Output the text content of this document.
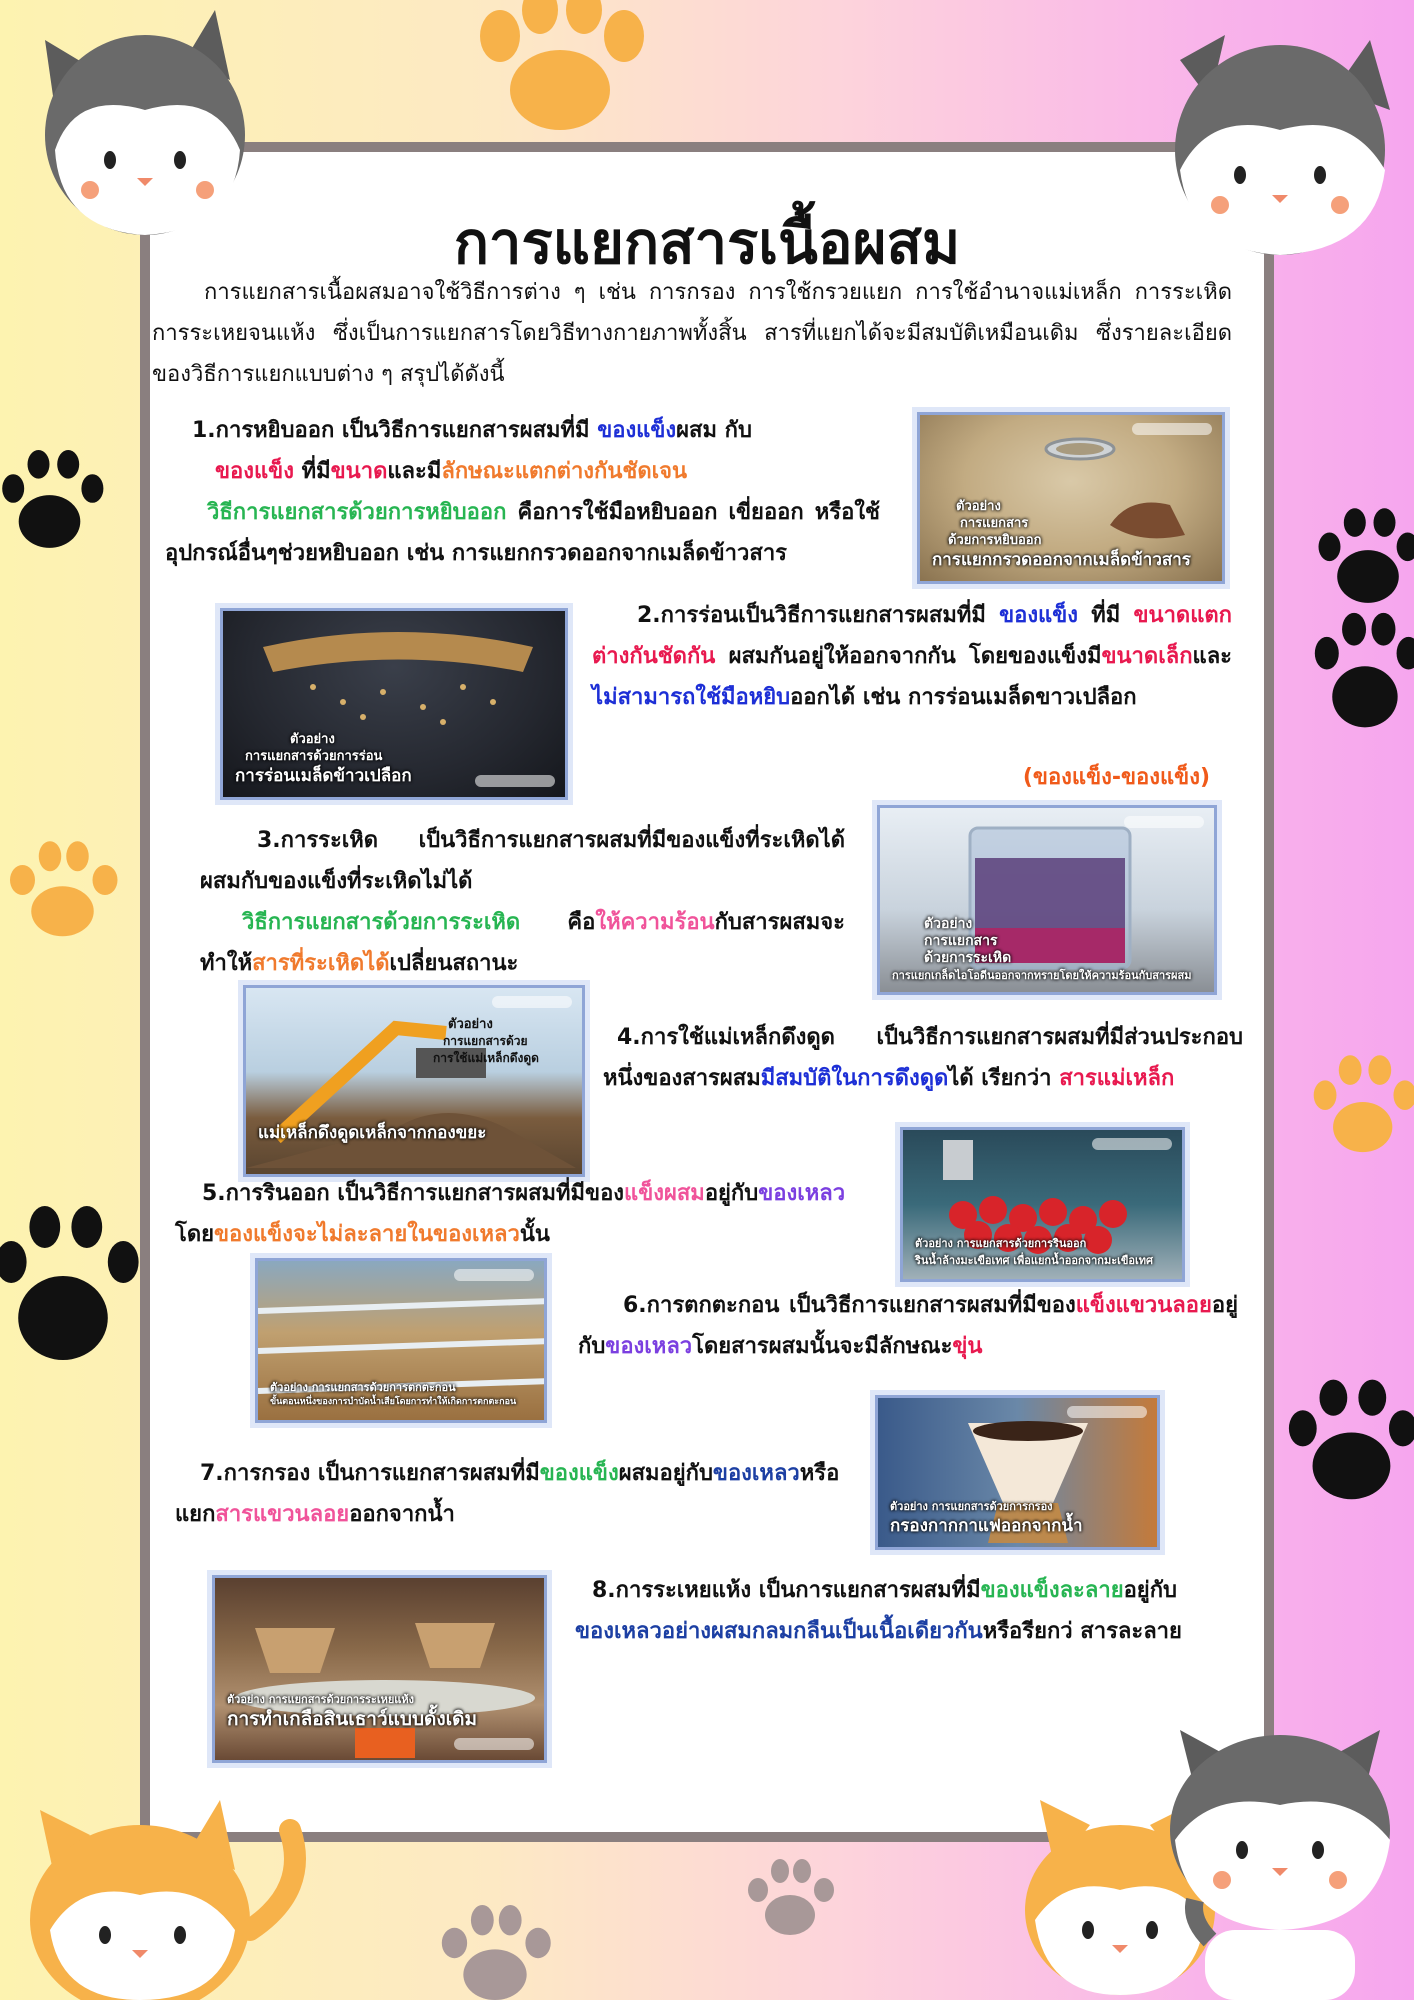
การแยกสารเนื้อผสม

การแยกสารเนื้อผสมอาจใช้วิธีการต่าง ๆ เช่น การกรอง การใช้กรวยแยก การใช้อำนาจแม่เหล็ก การระเหิด การระเหยจนแห้ง ซึ่งเป็นการแยกสารโดยวิธีทางกายภาพทั้งสิ้น สารที่แยกได้จะมีสมบัติเหมือนเดิม ซึ่งรายละเอียดของวิธีการแยกแบบต่าง ๆ สรุปได้ดังนี้

1.การหยิบออก เป็นวิธีการแยกสารผสมที่มี ของแข็งผสม กับ
ของแข็ง ที่มีขนาดและมีลักษณะแตกต่างกันชัดเจน
วิธีการแยกสารด้วยการหยิบออก คือการใช้มือหยิบออก เขี่ยออก หรือใช้อุปกรณ์อื่นๆช่วยหยิบออก เช่น การแยกกรวดออกจากเมล็ดข้าวสาร
ตัวอย่าง
การแยกสาร
ด้วยการหยิบออก
การแยกกรวดออกจากเมล็ดข้าวสาร
ตัวอย่าง
การแยกสารด้วยการร่อน
การร่อนเมล็ดข้าวเปลือก
2.การร่อนเป็นวิธีการแยกสารผสมที่มี ของแข็ง ที่มี ขนาดแตกต่างกันชัดกัน ผสมกันอยู่ให้ออกจากกัน โดยของแข็งมีขนาดเล็กและไม่สามารถใช้มือหยิบออกได้ เช่น การร่อนเมล็ดขาวเปลือก
(ของแข็ง-ของแข็ง)
3.การระเหิด เป็นวิธีการแยกสารผสมที่มีของแข็งที่ระเหิดได้ผสมกับของแข็งที่ระเหิดไม่ได้
วิธีการแยกสารด้วยการระเหิด คือให้ความร้อนกับสารผสมจะทำให้สารที่ระเหิดได้เปลี่ยนสถานะ
ตัวอย่าง
การแยกสาร
ด้วยการระเหิด
การแยกเกล็ดไอโอดีนออกจากทรายโดยให้ความร้อนกับสารผสม
ตัวอย่าง
การแยกสารด้วย
การใช้แม่เหล็กดึงดูด
แม่เหล็กดึงดูดเหล็กจากกองขยะ
4.การใช้แม่เหล็กดึงดูด เป็นวิธีการแยกสารผสมที่มีส่วนประกอบหนึ่งของสารผสมมีสมบัติในการดึงดูดได้ เรียกว่า สารแม่เหล็ก
ตัวอย่าง การแยกสารด้วยการรินออก
รินน้ำล้างมะเขือเทศ เพื่อแยกน้ำออกจากมะเขือเทศ
5.การรินออก เป็นวิธีการแยกสารผสมที่มีของแข็งผสมอยู่กับของเหลวโดยของแข็งจะไม่ละลายในของเหลวนั้น
ตัวอย่าง การแยกสารด้วยการตกตะกอน
ขั้นตอนหนึ่งของการบำบัดน้ำเสียโดยการทำให้เกิดการตกตะกอน
6.การตกตะกอน เป็นวิธีการแยกสารผสมที่มีของแข็งแขวนลอยอยู่กับของเหลวโดยสารผสมนั้นจะมีลักษณะขุ่น
ตัวอย่าง การแยกสารด้วยการกรอง
กรองกากกาแฟออกจากน้ำ
7.การกรอง เป็นการแยกสารผสมที่มีของแข็งผสมอยู่กับของเหลวหรือแยกสารแขวนลอยออกจากน้ำ
ตัวอย่าง การแยกสารด้วยการระเหยแห้ง
การทำเกลือสินเธาว์แบบดั้งเดิม
8.การระเหยแห้ง เป็นการแยกสารผสมที่มีของแข็งละลายอยู่กับของเหลวอย่างผสมกลมกลืนเป็นเนื้อเดียวกันหรือรียกว่ สารละลาย
